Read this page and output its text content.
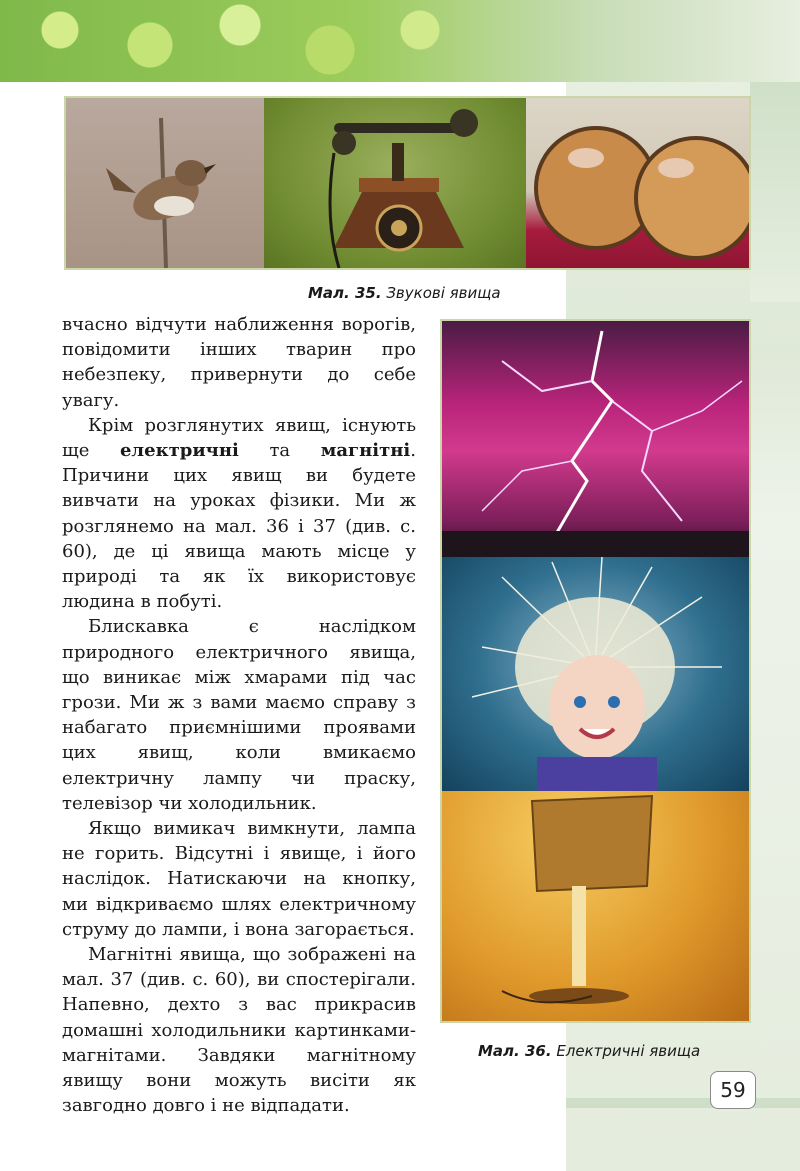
Мал. 35. Звукові явища

вчасно відчути наближення ворогів, повідомити інших тварин про небезпеку, привернути до себе увагу.

Крім розглянутих явищ, існують ще електричні та магнітні. Причини цих явищ ви будете вивчати на уроках фізики. Ми ж розглянемо на мал. 36 і 37 (див. с. 60), де ці явища мають місце у природі та як їх використовує людина в побуті.

Блискавка є наслідком природного електричного явища, що виникає між хмарами під час грози. Ми ж з вами маємо справу з набагато приємнішими проявами цих явищ, коли вмикаємо електричну лампу чи праску, телевізор чи холодильник.

Якщо вимикач вимкнути, лампа не горить. Відсутні і явище, і його наслідок. Натискаючи на кнопку, ми відкриваємо шлях електричному струму до лампи, і вона загорається.

Магнітні явища, що зображені на мал. 37 (див. с. 60), ви спостерігали. Напевно, дехто з вас прикрасив домашні холодильники картинками-магнітами. Завдяки магнітному явищу вони можуть висіти як завгодно довго і не відпадати.

Мал. 36. Електричні явища
59
